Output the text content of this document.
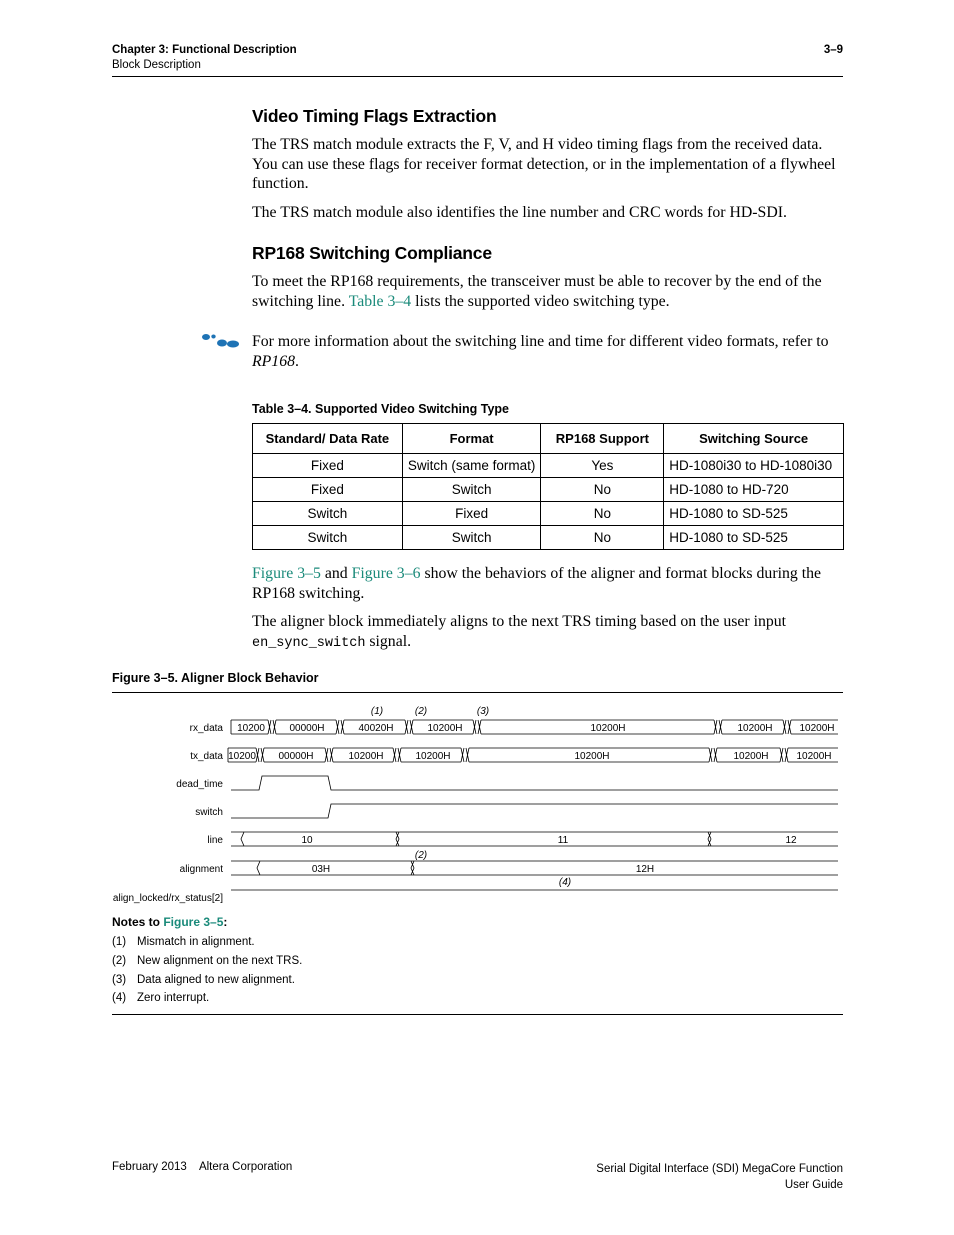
Chapter 3: Functional Description
Block Description
3–9
Video Timing Flags Extraction

The TRS match module extracts the F, V, and H video timing flags from the received data. You can use these flags for receiver format detection, or in the implementation of a flywheel function.

The TRS match module also identifies the line number and CRC words for HD-SDI.

RP168 Switching Compliance

To meet the RP168 requirements, the transceiver must be able to recover by the end of the switching line. Table 3–4 lists the supported video switching type.

For more information about the switching line and time for different video formats, refer to RP168.

Table 3–4. Supported Video Switching Type
Standard/ Data Rate	Format	RP168 Support	Switching Source
Fixed	Switch (same format)	Yes	HD-1080i30 to HD-1080i30
Fixed	Switch	No	HD-1080 to HD-720
Switch	Fixed	No	HD-1080 to SD-525
Switch	Switch	No	HD-1080 to SD-525

Figure 3–5 and Figure 3–6 show the behaviors of the aligner and format blocks during the RP168 switching.

The aligner block immediately aligns to the next TRS timing based on the user input en_sync_switch signal.

Figure 3–5. Aligner Block Behavior
rx_data
tx_data
dead_time
switch
line
alignment
align_locked/rx_status[2]
10200 00000H	40020H	10200H	10200H	10200H	10200H
10200 00000H	10200H	10200H	10200H	10200H	10200H
10	11	12
03H	12H
(1)	(2)	(3)
(2)
(4)
Notes to Figure 3–5:
(1) Mismatch in alignment.
(2) New alignment on the next TRS.
(3) Data aligned to new alignment.
(4) Zero interrupt.
February 2013    Altera Corporation	Serial Digital Interface (SDI) MegaCore Function
User Guide
